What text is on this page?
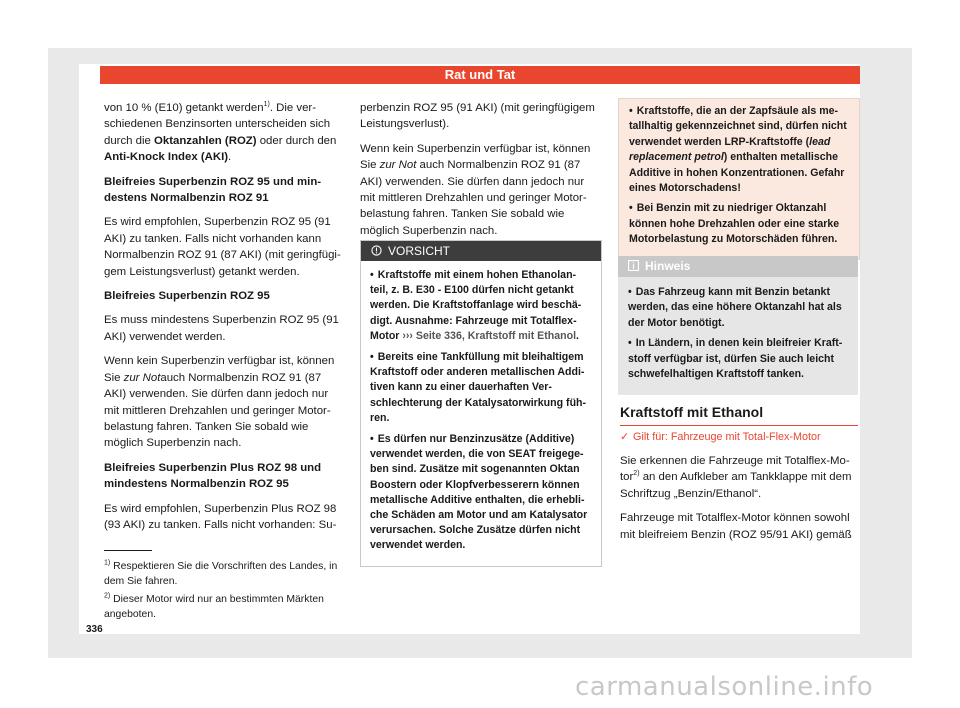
Rat und Tat

von 10 % (E10) getankt werden$^{1)}$. Die ver-schiedenen Benzinsorten unterscheiden sich durch die Oktanzahlen (ROZ) oder durch den Anti-Knock Index (AKI).

Bleifreies Superbenzin ROZ 95 und min-destens Normalbenzin ROZ 91

Es wird empfohlen, Superbenzin ROZ 95 (91 AKI) zu tanken. Falls nicht vorhanden kann Normalbenzin ROZ 91 (87 AKI) (mit geringfügi-gem Leistungsverlust) getankt werden.

Bleifreies Superbenzin ROZ 95

Es muss mindestens Superbenzin ROZ 95 (91 AKI) verwendet werden.

Wenn kein Superbenzin verfügbar ist, können Sie zur Notauch Normalbenzin ROZ 91 (87 AKI) verwenden. Sie dürfen dann jedoch nur mit mittleren Drehzahlen und geringer Motor-belastung fahren. Tanken Sie sobald wie möglich Superbenzin nach.

Bleifreies Superbenzin Plus ROZ 98 und mindestens Normalbenzin ROZ 95

Es wird empfohlen, Superbenzin Plus ROZ 98 (93 AKI) zu tanken. Falls nicht vorhanden: Su-

perbenzin ROZ 95 (91 AKI) (mit geringfügigem Leistungsverlust).

Wenn kein Superbenzin verfügbar ist, können Sie zur Not auch Normalbenzin ROZ 91 (87 AKI) verwenden. Sie dürfen dann jedoch nur mit mittleren Drehzahlen und geringer Motor-belastung fahren. Tanken Sie sobald wie möglich Superbenzin nach.

VORSICHT

• Kraftstoffe mit einem hohen Ethanolan-teil, z. B. E30 - E100 dürfen nicht getankt werden. Die Kraftstoffanlage wird beschä-digt. Ausnahme: Fahrzeuge mit Totalflex-Motor ››› Seite 336, Kraftstoff mit Ethanol.

• Bereits eine Tankfüllung mit bleihaltigem Kraftstoff oder anderen metallischen Addi-tiven kann zu einer dauerhaften Ver-schlechterung der Katalysatorwirkung füh-ren.

• Es dürfen nur Benzinzusätze (Additive) verwendet werden, die von SEAT freigege-ben sind. Zusätze mit sogenannten Oktan Boostern oder Klopfverbesserern können metallische Additive enthalten, die erhebli-che Schäden am Motor und am Katalysator verursachen. Solche Zusätze dürfen nicht verwendet werden.

• Kraftstoffe, die an der Zapfsäule als me-tallhaltig gekennzeichnet sind, dürfen nicht verwendet werden LRP-Kraftstoffe (lead replacement petrol) enthalten metallische Additive in hohen Konzentrationen. Gefahr eines Motorschadens!

• Bei Benzin mit zu niedriger Oktanzahl können hohe Drehzahlen oder eine starke Motorbelastung zu Motorschäden führen.

Hinweis

• Das Fahrzeug kann mit Benzin betankt werden, das eine höhere Oktanzahl hat als der Motor benötigt.

• In Ländern, in denen kein bleifreier Kraft-stoff verfügbar ist, dürfen Sie auch leicht schwefelhaltigen Kraftstoff tanken.

Kraftstoff mit Ethanol
✓ Gilt für: Fahrzeuge mit Total-Flex-Motor

Sie erkennen die Fahrzeuge mit Totalflex-Mo-tor$^{2)}$ an den Aufkleber am Tankklappe mit dem Schriftzug „Benzin/Ethanol“.

Fahrzeuge mit Totalflex-Motor können sowohl mit bleifreiem Benzin (ROZ 95/91 AKI) gemäß

$^{1)}$ Respektieren Sie die Vorschriften des Landes, in dem Sie fahren.

$^{2)}$ Dieser Motor wird nur an bestimmten Märkten angeboten.

336
carmanualsonline.info
